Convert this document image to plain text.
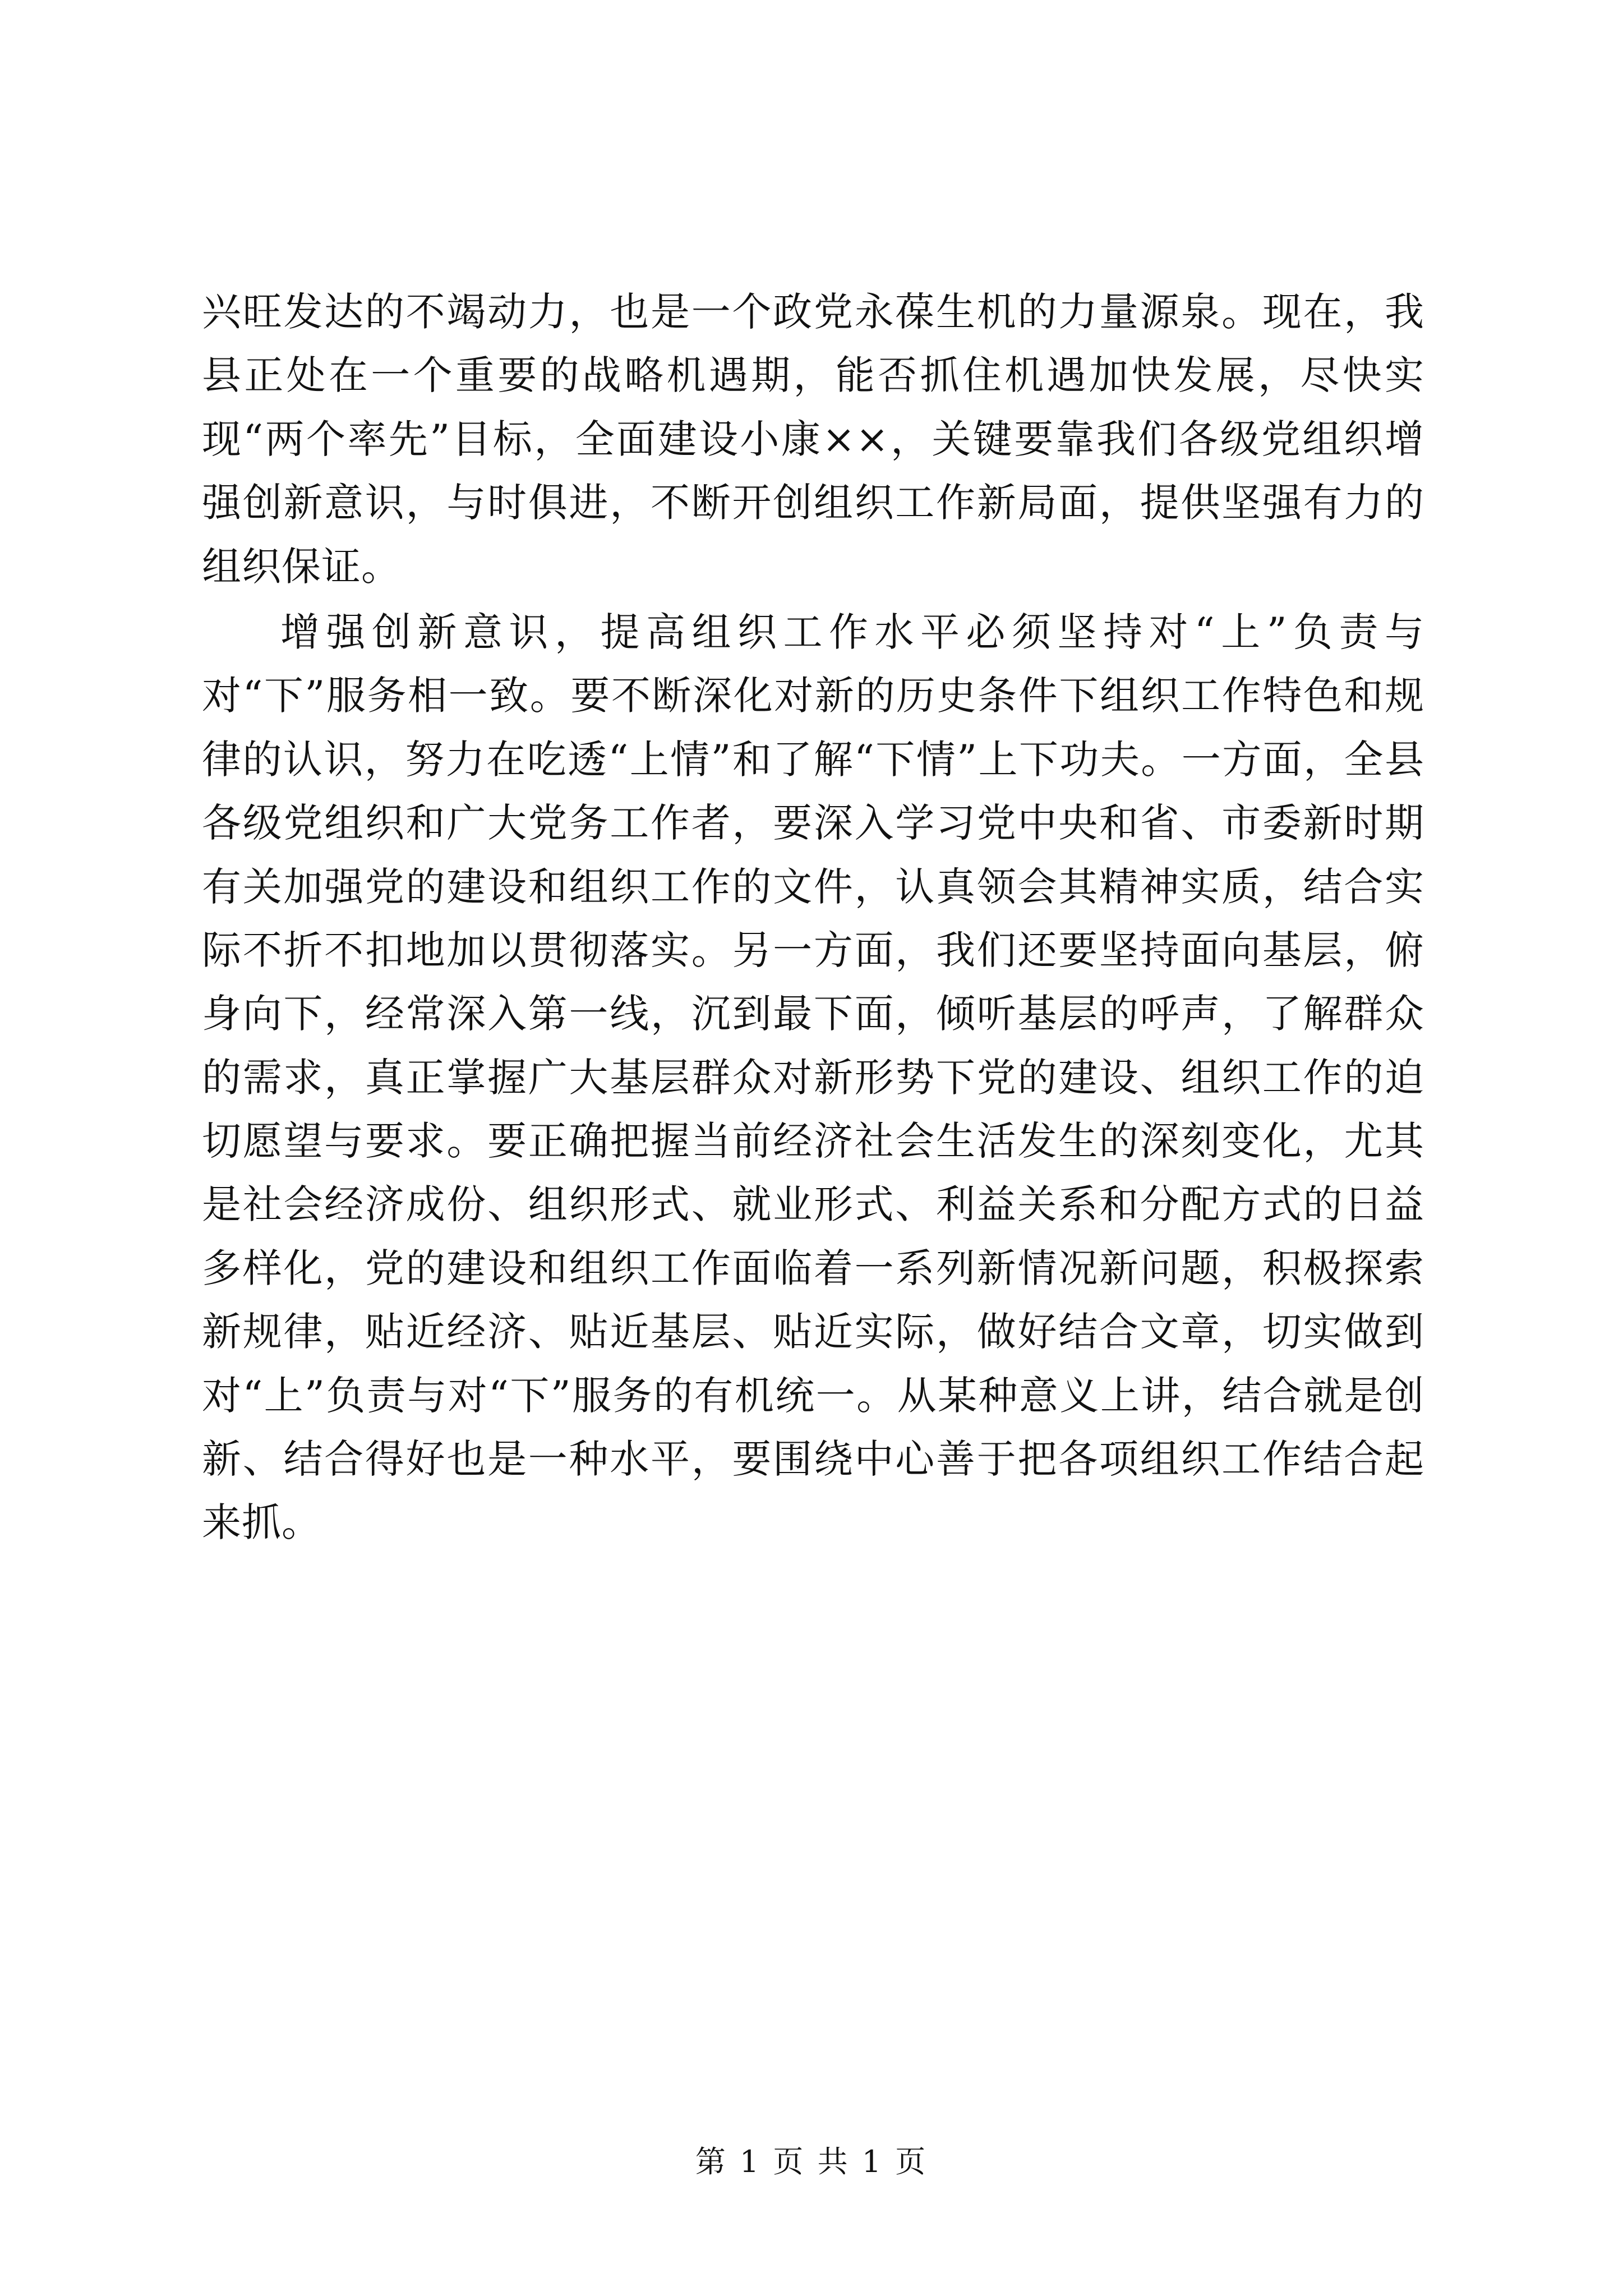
兴旺发达的不竭动力，也是一个政党永葆生机的力量源泉。现在，我县正处在一个重要的战略机遇期，能否抓住机遇加快发展，尽快实现“两个率先”目标，全面建设小康××，关键要靠我们各级党组织增强创新意识，与时俱进，不断开创组织工作新局面，提供坚强有力的组织保证。

增强创新意识，提高组织工作水平必须坚持对“上”负责与对“下”服务相一致。要不断深化对新的历史条件下组织工作特色和规律的认识，努力在吃透“上情”和了解“下情”上下功夫。一方面，全县各级党组织和广大党务工作者，要深入学习党中央和省、市委新时期有关加强党的建设和组织工作的文件，认真领会其精神实质，结合实际不折不扣地加以贯彻落实。另一方面，我们还要坚持面向基层，俯身向下，经常深入第一线，沉到最下面，倾听基层的呼声，了解群众的需求，真正掌握广大基层群众对新形势下党的建设、组织工作的迫切愿望与要求。要正确把握当前经济社会生活发生的深刻变化，尤其是社会经济成份、组织形式、就业形式、利益关系和分配方式的日益多样化，党的建设和组织工作面临着一系列新情况新问题，积极探索新规律，贴近经济、贴近基层、贴近实际，做好结合文章，切实做到对“上”负责与对“下”服务的有机统一。从某种意义上讲，结合就是创新、结合得好也是一种水平，要围绕中心善于把各项组织工作结合起来抓。

第 1 页 共 1 页
